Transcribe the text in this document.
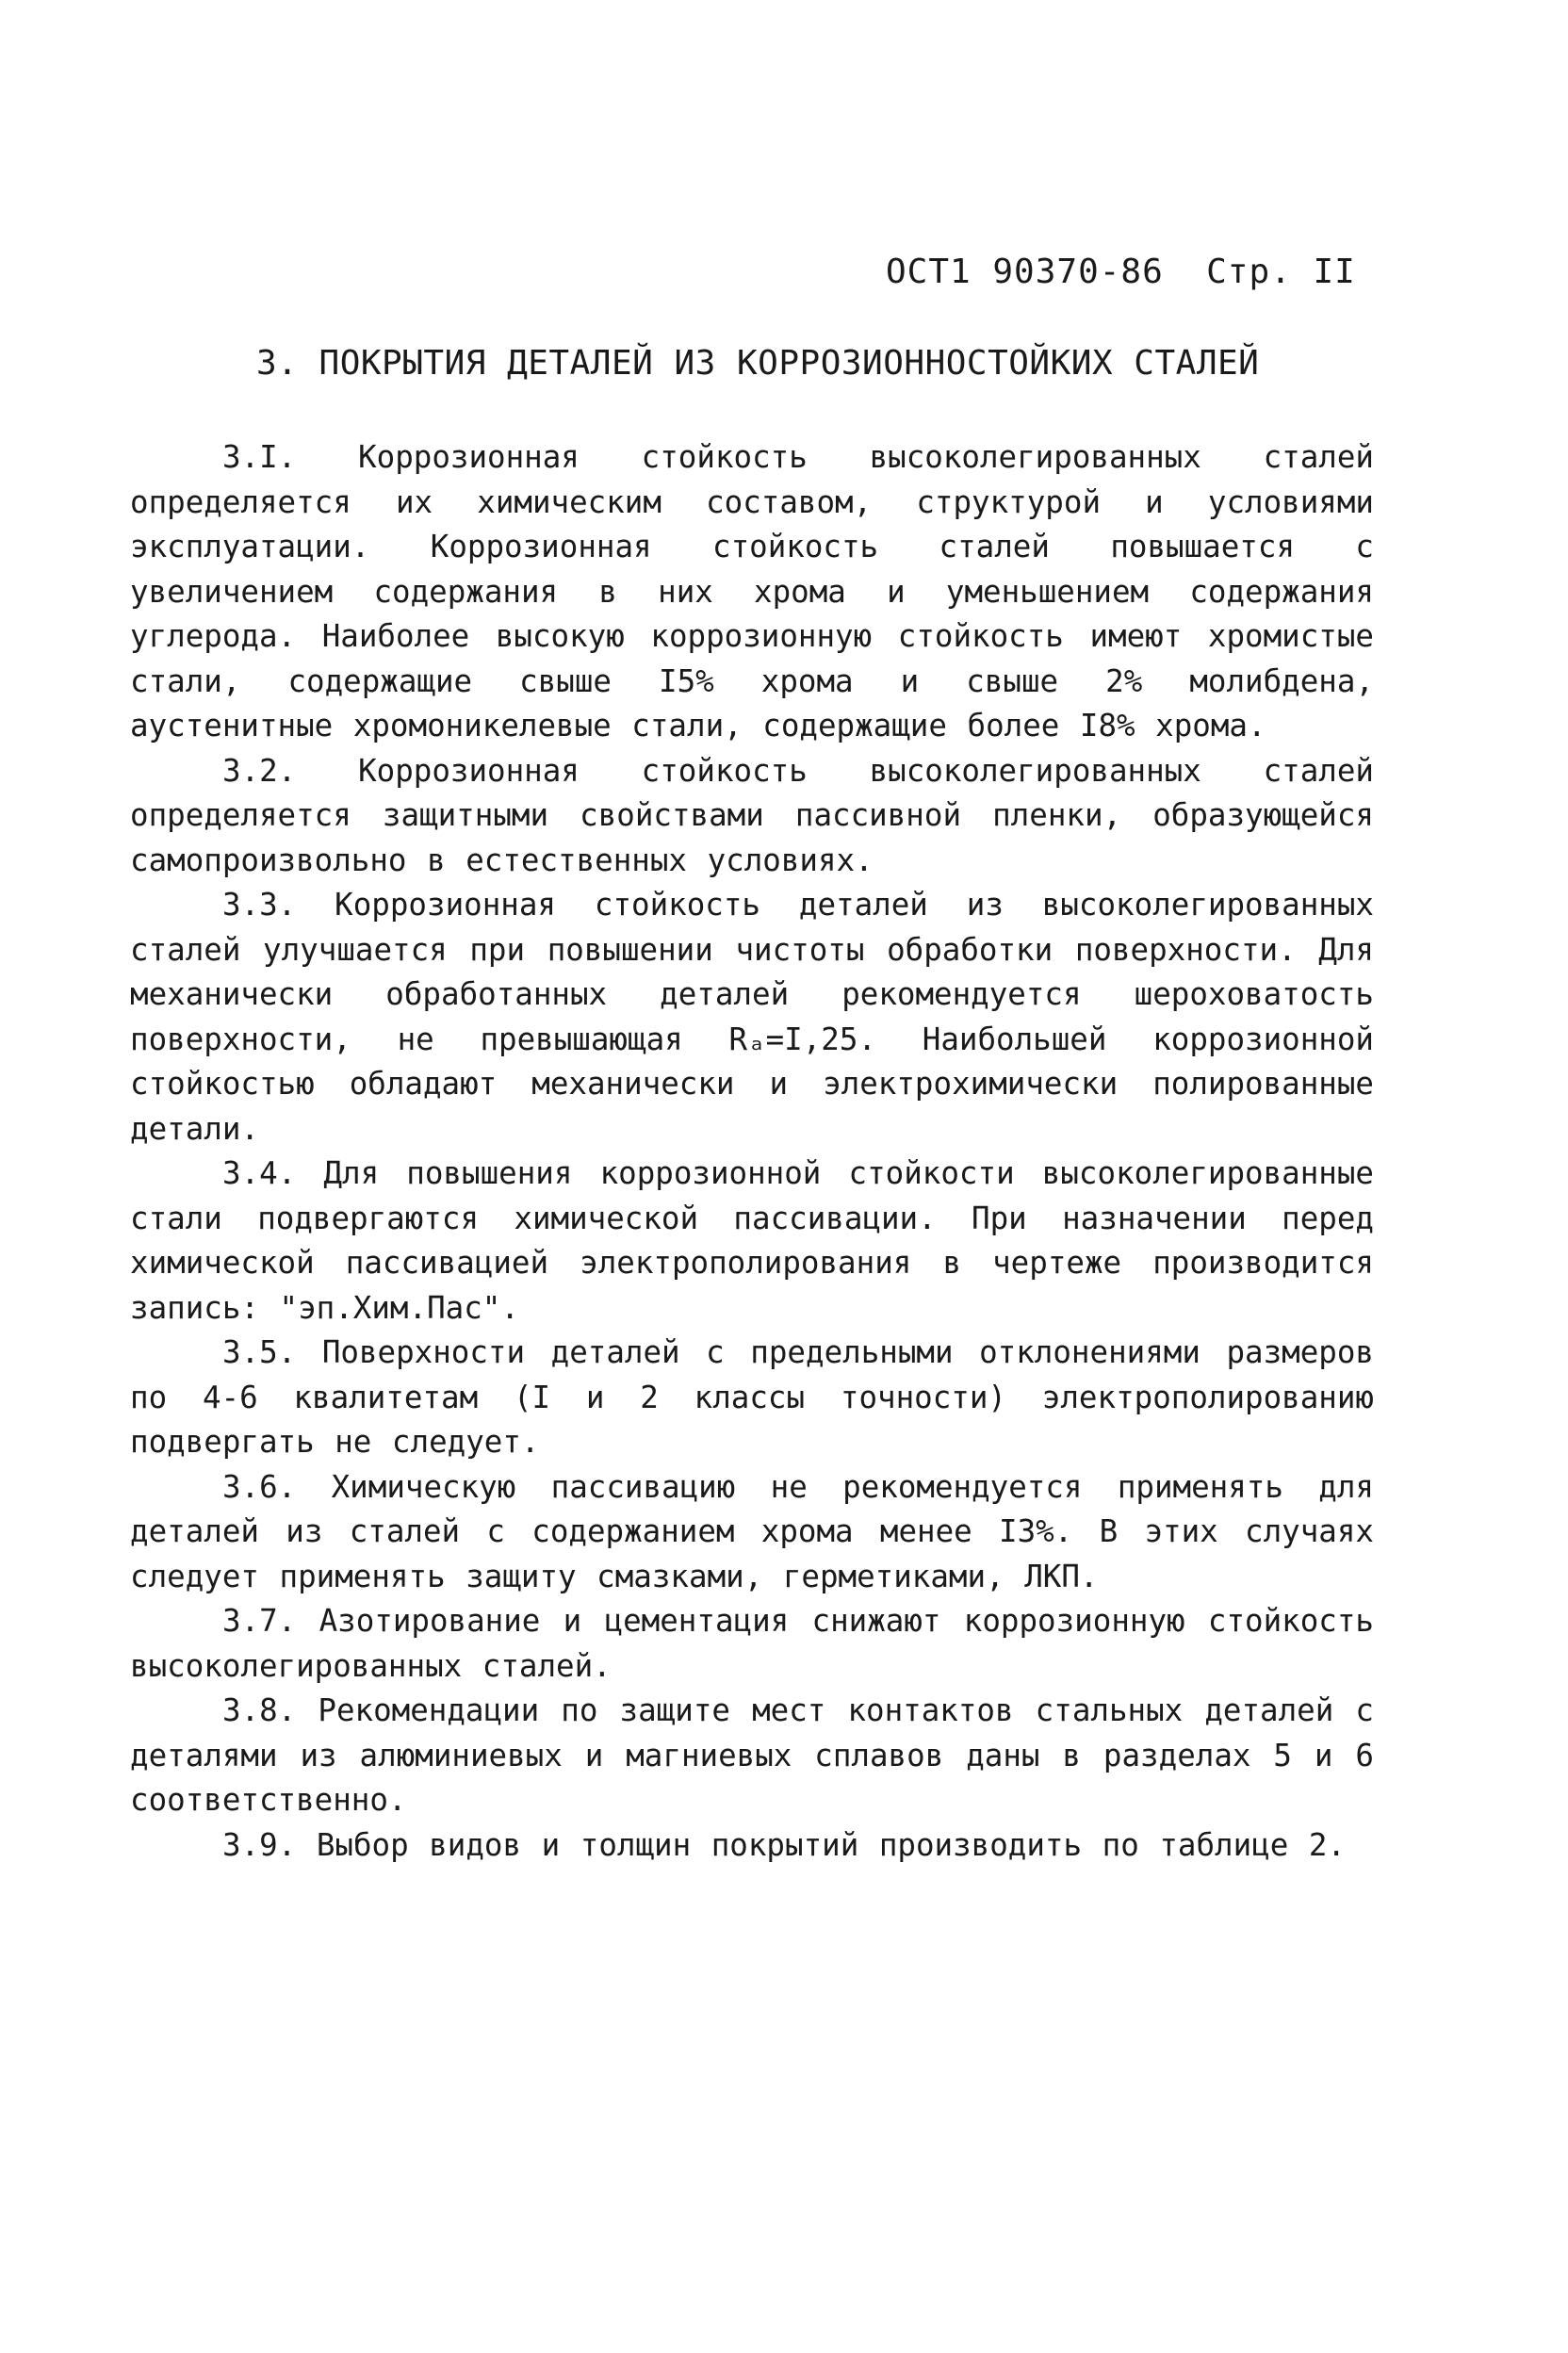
ОСТ1 90370-86 Стр. II
3. ПОКРЫТИЯ ДЕТАЛЕЙ ИЗ КОРРОЗИОННОСТОЙКИХ СТАЛЕЙ

3.I. Коррозионная стойкость высоколегированных сталей определяется их химическим составом, структурой и условиями эксплуатации. Коррозионная стойкость сталей повышается с увеличением содержания в них хрома и уменьшением содержания углерода. Наиболее высокую коррозионную стойкость имеют хромистые стали, содержащие свыше I5% хрома и свыше 2% молибдена, аустенитные хромоникелевые стали, содержащие более I8% хрома.

3.2. Коррозионная стойкость высоколегированных сталей определяется защитными свойствами пассивной пленки, образующейся самопроизвольно в естественных условиях.

3.3. Коррозионная стойкость деталей из высоколегированных сталей улучшается при повышении чистоты обработки поверхности. Для механически обработанных деталей рекомендуется шероховатость поверхности, не превышающая Rₐ=I,25. Наибольшей коррозионной стойкостью обладают механически и электрохимически полированные детали.

3.4. Для повышения коррозионной стойкости высоколегированные стали подвергаются химической пассивации. При назначении перед химической пассивацией электрополирования в чертеже производится запись: "эп.Хим.Пас".

3.5. Поверхности деталей с предельными отклонениями размеров по 4-6 квалитетам (I и 2 классы точности) электрополированию подвергать не следует.

3.6. Химическую пассивацию не рекомендуется применять для деталей из сталей с содержанием хрома менее I3%. В этих случаях следует применять защиту смазками, герметиками, ЛКП.

3.7. Азотирование и цементация снижают коррозионную стойкость высоколегированных сталей.

3.8. Рекомендации по защите мест контактов стальных деталей с деталями из алюминиевых и магниевых сплавов даны в разделах 5 и 6 соответственно.

3.9. Выбор видов и толщин покрытий производить по таблице 2.
